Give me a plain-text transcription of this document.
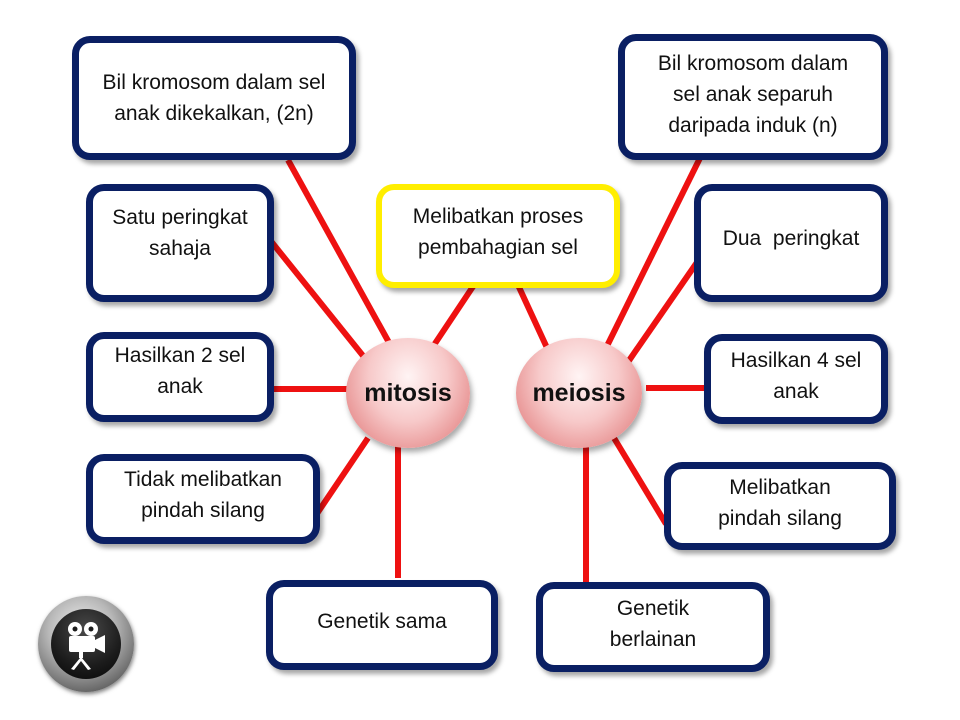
Bil kromosom dalam sel
anak dikekalkan, (2n)
Satu peringkat
sahaja
Hasilkan 2 sel
anak
Tidak melibatkan
pindah silang
Genetik sama
Melibatkan proses
pembahagian sel
Bil kromosom dalam
sel anak separuh
daripada induk (n)
Dua  peringkat
Hasilkan 4 sel
anak
Melibatkan
pindah silang
Genetik
berlainan
mitosis	meiosis
